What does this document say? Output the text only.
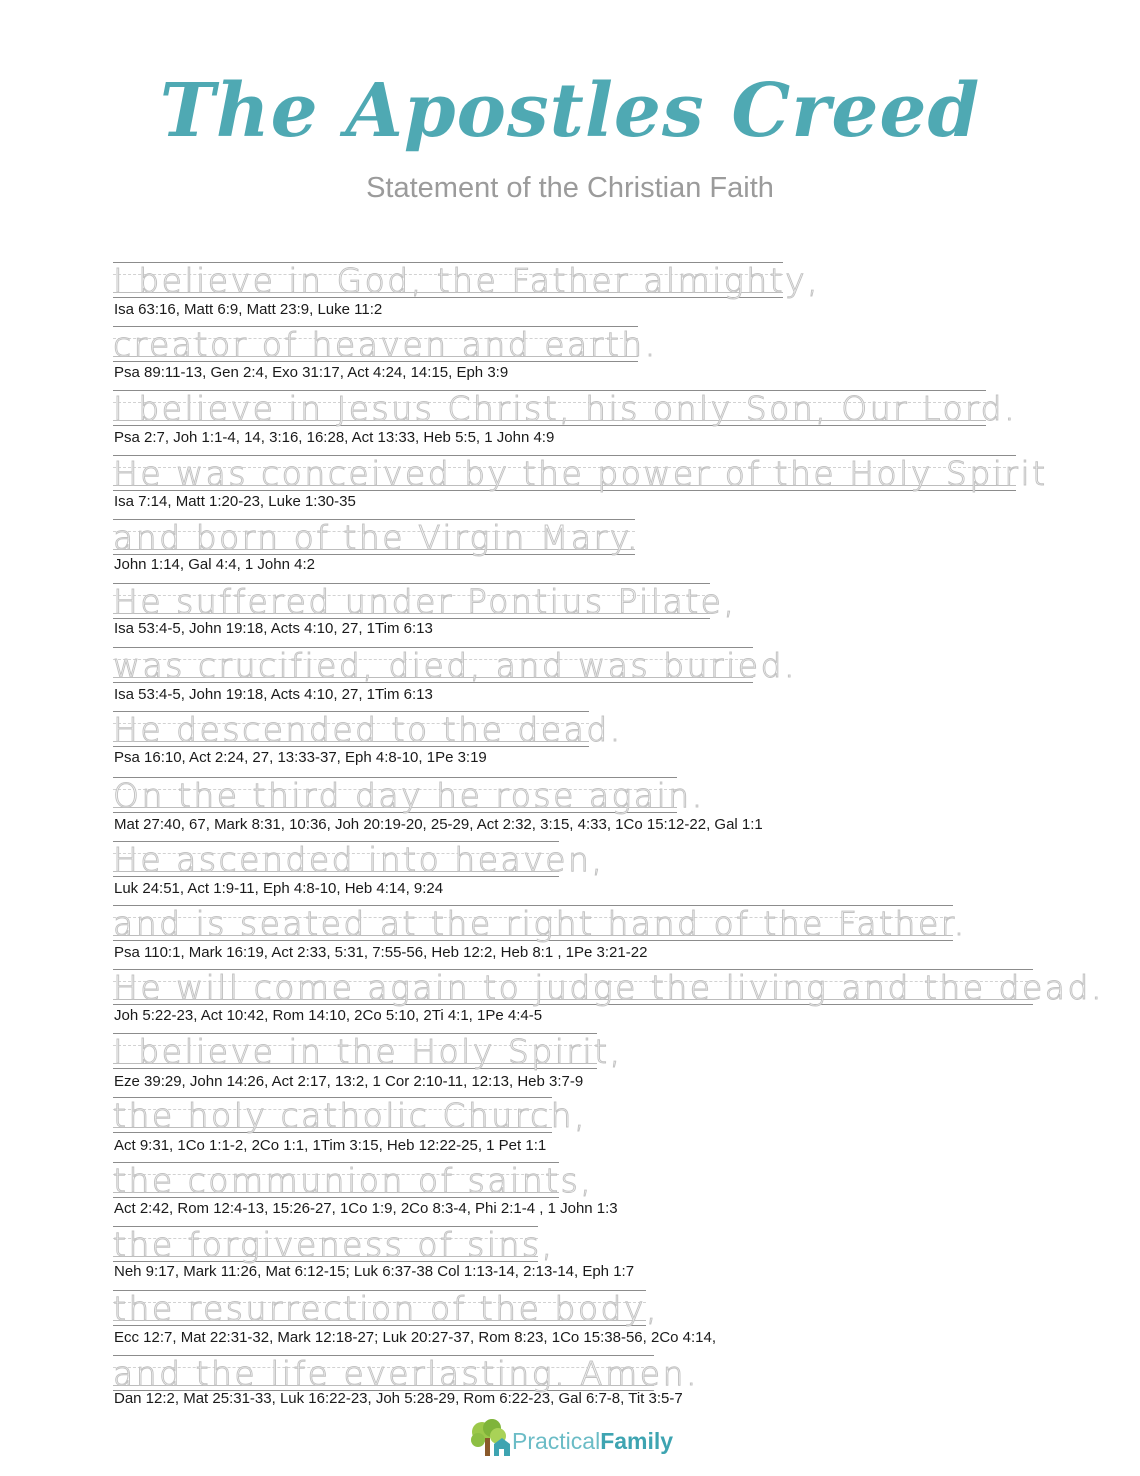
The Apostles Creed
Statement of the Christian Faith
I believe in God, the Father almighty,
Isa 63:16, Matt 6:9, Matt 23:9, Luke 11:2
creator of heaven and earth.
Psa 89:11-13, Gen 2:4, Exo 31:17, Act 4:24, 14:15, Eph 3:9
I believe in Jesus Christ, his only Son, Our Lord.
Psa 2:7, Joh 1:1-4, 14, 3:16, 16:28, Act 13:33, Heb 5:5, 1 John 4:9
He was conceived by the power of the Holy Spirit
Isa 7:14, Matt 1:20-23, Luke 1:30-35
and born of the Virgin Mary.
John 1:14, Gal 4:4, 1 John 4:2
He suffered under Pontius Pilate,
Isa 53:4-5, John 19:18, Acts 4:10, 27, 1Tim 6:13
was crucified, died, and was buried.
Isa 53:4-5, John 19:18, Acts 4:10, 27, 1Tim 6:13
He descended to the dead.
Psa 16:10, Act 2:24, 27, 13:33-37, Eph 4:8-10, 1Pe 3:19
On the third day he rose again.
Mat 27:40, 67, Mark 8:31, 10:36, Joh 20:19-20, 25-29, Act 2:32, 3:15, 4:33, 1Co 15:12-22, Gal 1:1
He ascended into heaven,
Luk 24:51, Act 1:9-11, Eph 4:8-10, Heb 4:14, 9:24
and is seated at the right hand of the Father.
Psa 110:1, Mark 16:19, Act 2:33, 5:31, 7:55-56, Heb 12:2, Heb 8:1 , 1Pe 3:21-22
He will come again to judge the living and the dead.
Joh 5:22-23, Act 10:42, Rom 14:10, 2Co 5:10, 2Ti 4:1, 1Pe 4:4-5
I believe in the Holy Spirit,
Eze 39:29, John 14:26, Act 2:17, 13:2, 1 Cor 2:10-11, 12:13, Heb 3:7-9
the holy catholic Church,
Act 9:31, 1Co 1:1-2, 2Co 1:1, 1Tim 3:15, Heb 12:22-25, 1 Pet 1:1
the communion of saints,
Act 2:42, Rom 12:4-13, 15:26-27, 1Co 1:9, 2Co 8:3-4, Phi 2:1-4 , 1 John 1:3
the forgiveness of sins,
Neh 9:17, Mark 11:26, Mat 6:12-15; Luk 6:37-38 Col 1:13-14, 2:13-14, Eph 1:7
the resurrection of the body,
Ecc 12:7, Mat 22:31-32, Mark 12:18-27; Luk 20:27-37, Rom 8:23, 1Co 15:38-56, 2Co 4:14,
and the life everlasting. Amen.
Dan 12:2, Mat 25:31-33, Luk 16:22-23, Joh 5:28-29, Rom 6:22-23, Gal 6:7-8, Tit 3:5-7
PracticalFamily
